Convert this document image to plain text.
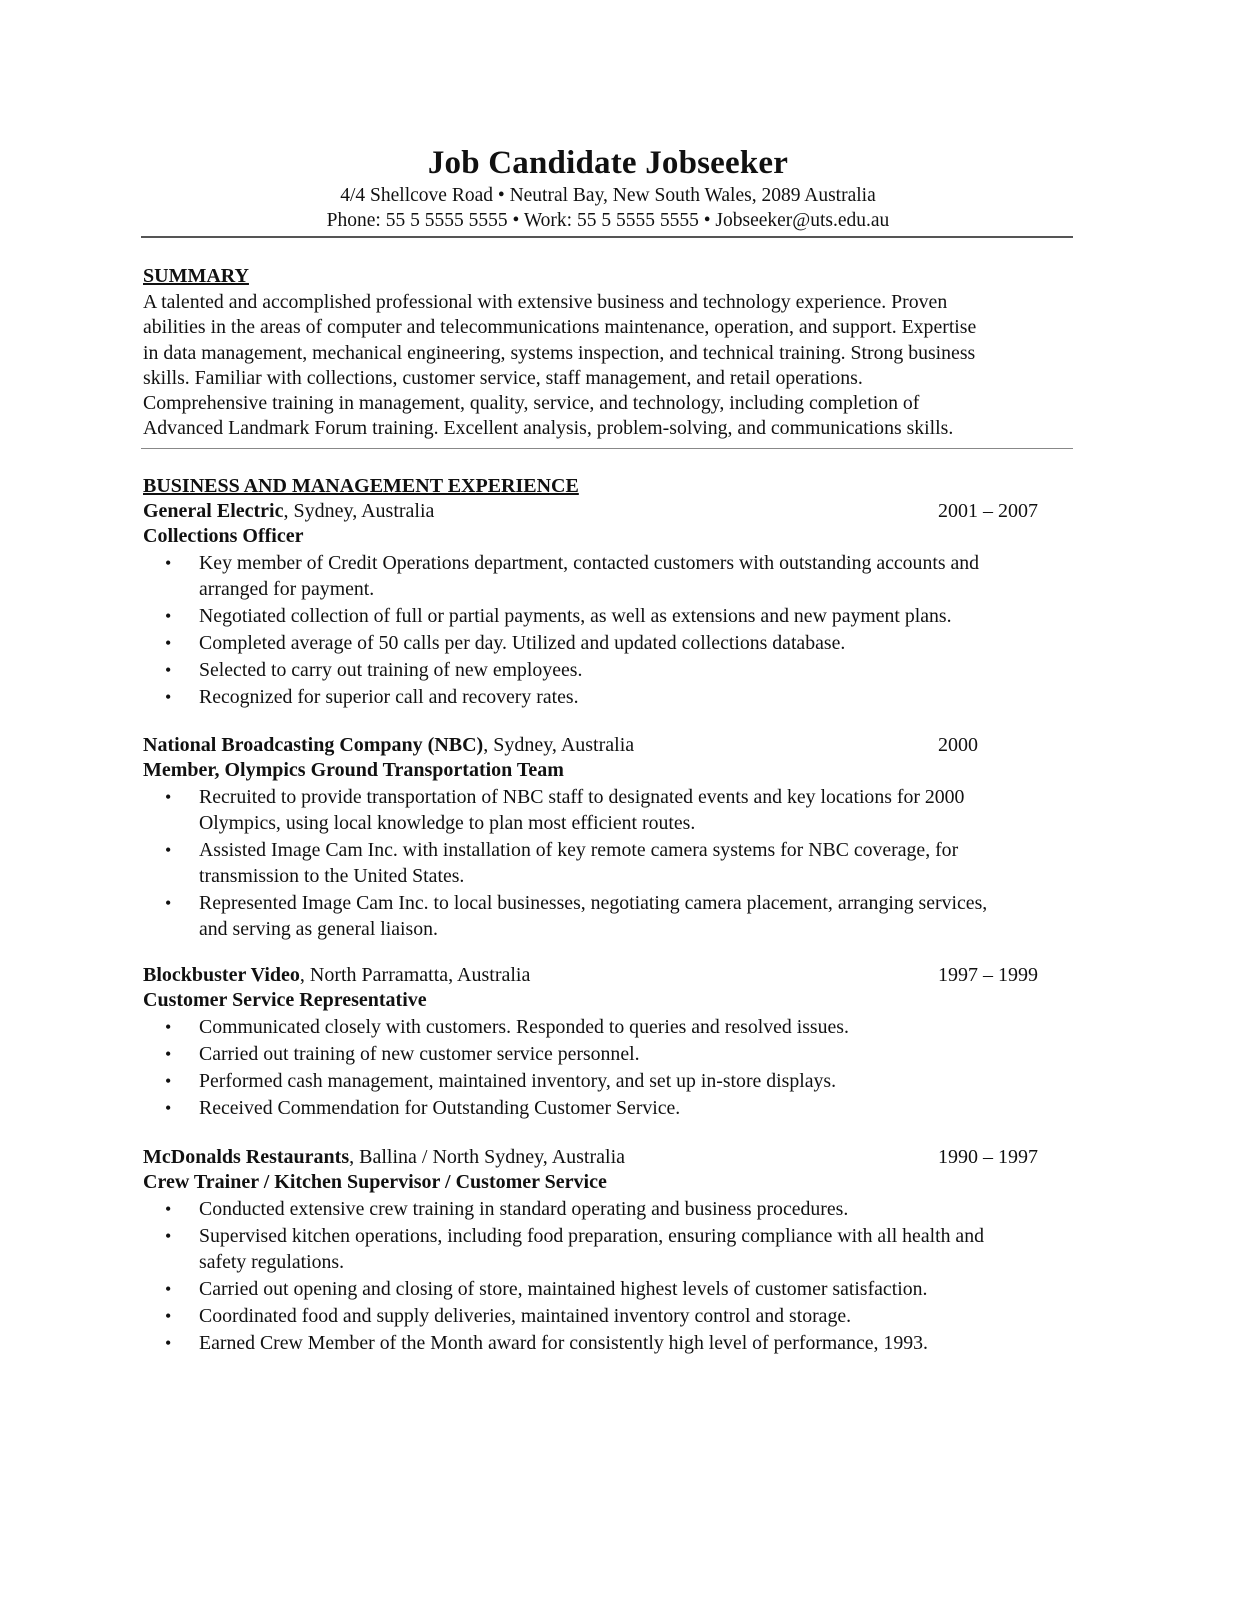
Job Candidate Jobseeker
4/4 Shellcove Road • Neutral Bay, New South Wales, 2089 Australia
Phone: 55 5 5555 5555 • Work: 55 5 5555 5555 • Jobseeker@uts.edu.au
SUMMARY
A talented and accomplished professional with extensive business and technology experience. Proven
abilities in the areas of computer and telecommunications maintenance, operation, and support. Expertise
in data management, mechanical engineering, systems inspection, and technical training. Strong business
skills. Familiar with collections, customer service, staff management, and retail operations.
Comprehensive training in management, quality, service, and technology, including completion of
Advanced Landmark Forum training. Excellent analysis, problem-solving, and communications skills.
BUSINESS AND MANAGEMENT EXPERIENCE
General Electric, Sydney, Australia	2001 – 2007
Collections Officer
• Key member of Credit Operations department, contacted customers with outstanding accounts and
arranged for payment.
• Negotiated collection of full or partial payments, as well as extensions and new payment plans.
• Completed average of 50 calls per day. Utilized and updated collections database.
• Selected to carry out training of new employees.
• Recognized for superior call and recovery rates.
National Broadcasting Company (NBC), Sydney, Australia	2000
Member, Olympics Ground Transportation Team
• Recruited to provide transportation of NBC staff to designated events and key locations for 2000
Olympics, using local knowledge to plan most efficient routes.
• Assisted Image Cam Inc. with installation of key remote camera systems for NBC coverage, for
transmission to the United States.
• Represented Image Cam Inc. to local businesses, negotiating camera placement, arranging services,
and serving as general liaison.
Blockbuster Video, North Parramatta, Australia	1997 – 1999
Customer Service Representative
• Communicated closely with customers. Responded to queries and resolved issues.
• Carried out training of new customer service personnel.
• Performed cash management, maintained inventory, and set up in-store displays.
• Received Commendation for Outstanding Customer Service.
McDonalds Restaurants, Ballina / North Sydney, Australia	1990 – 1997
Crew Trainer / Kitchen Supervisor / Customer Service
• Conducted extensive crew training in standard operating and business procedures.
• Supervised kitchen operations, including food preparation, ensuring compliance with all health and
safety regulations.
• Carried out opening and closing of store, maintained highest levels of customer satisfaction.
• Coordinated food and supply deliveries, maintained inventory control and storage.
• Earned Crew Member of the Month award for consistently high level of performance, 1993.
